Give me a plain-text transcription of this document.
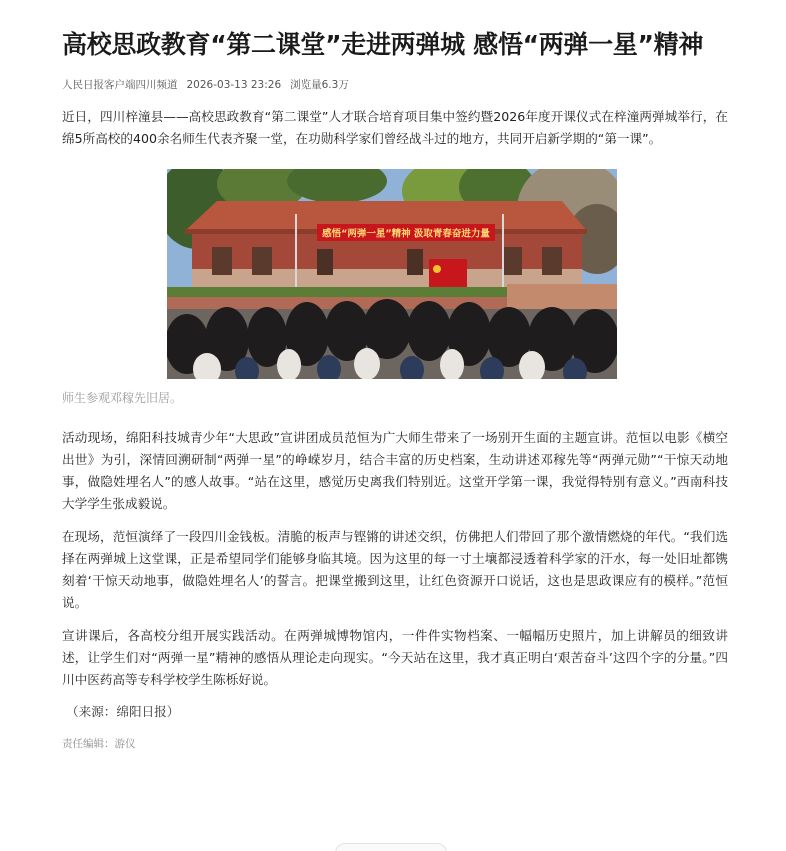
高校思政教育“第二课堂”走进两弹城 感悟“两弹一星”精神
人民日报客户端四川频道 2026-03-13 23:26 浏览量6.3万

近日，四川梓潼县——高校思政教育“第二课堂”人才联合培育项目集中签约暨2026年度开课仪式在梓潼两弹城举行，在绵5所高校的400余名师生代表齐聚一堂，在功勋科学家们曾经战斗过的地方，共同开启新学期的“第一课”。

感悟“两弹一星”精神 汲取青春奋进力量
师生参观邓稼先旧居。

活动现场，绵阳科技城青少年“大思政”宣讲团成员范恒为广大师生带来了一场别开生面的主题宣讲。范恒以电影《横空出世》为引，深情回溯研制“两弹一星”的峥嵘岁月，结合丰富的历史档案，生动讲述邓稼先等“两弹元勋”“干惊天动地事，做隐姓埋名人”的感人故事。“站在这里，感觉历史离我们特别近。这堂开学第一课，我觉得特别有意义。”西南科技大学学生张成毅说。

在现场，范恒演绎了一段四川金钱板。清脆的板声与铿锵的讲述交织，仿佛把人们带回了那个激情燃烧的年代。“我们选择在两弹城上这堂课，正是希望同学们能够身临其境。因为这里的每一寸土壤都浸透着科学家的汗水，每一处旧址都镌刻着‘干惊天动地事，做隐姓埋名人’的誓言。把课堂搬到这里，让红色资源开口说话，这也是思政课应有的模样。”范恒说。

宣讲课后，各高校分组开展实践活动。在两弹城博物馆内，一件件实物档案、一幅幅历史照片，加上讲解员的细致讲述，让学生们对“两弹一星”精神的感悟从理论走向现实。“今天站在这里，我才真正明白‘艰苦奋斗’这四个字的分量。”四川中医药高等专科学校学生陈栎好说。

（来源：绵阳日报）
责任编辑：游仪
